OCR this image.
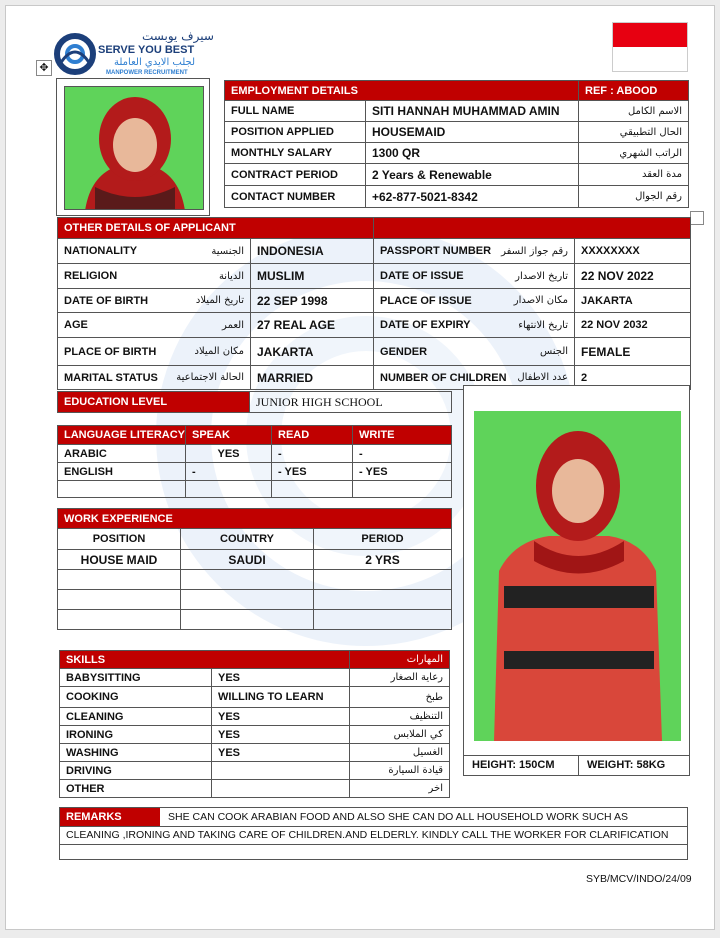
سيرف يوبست
SERVE YOU BEST
لجلب الايدي العاملة
MANPOWER RECRUITMENT
✥
EMPLOYMENT DETAILS		REF : ABOOD
FULL NAME	SITI HANNAH MUHAMMAD AMIN	الاسم الكامل
POSITION APPLIED	HOUSEMAID	الحال التطبيقي
MONTHLY SALARY	1300 QR	الراتب الشهري
CONTRACT PERIOD	2 Years & Renewable	مدة العقد
CONTACT NUMBER	+62-877-5021-8342	رقم الجوال
OTHER DETAILS OF APPLICANT			

NATIONALITY الجنسية	INDONESIA	PASSPORT NUMBER رقم جواز السفر	XXXXXXXX

RELIGION الديانة	MUSLIM	DATE OF ISSUE تاريخ الاصدار	22 NOV 2022

DATE OF BIRTH تاريخ الميلاد	22 SEP 1998	PLACE OF ISSUE مكان الاصدار	JAKARTA

AGE العمر	27 REAL AGE	DATE OF EXPIRY تاريخ الانتهاء	22 NOV 2032

PLACE OF BIRTH مكان الميلاد	JAKARTA	GENDER الجنس	FEMALE

MARITAL STATUS الحالة الاجتماعية	MARRIED	NUMBER OF CHILDREN عدد الاطفال	2
EDUCATION LEVEL	JUNIOR HIGH SCHOOL
HEIGHT: 150CM	WEIGHT: 58KG
LANGUAGE LITERACY	SPEAK	READ	WRITE
ARABIC	YES	-	-
ENGLISH	-	- YES	- YES

WORK EXPERIENCE		
POSITION	COUNTRY	PERIOD
HOUSE MAID	SAUDI	2 YRS

SKILLS		المهارات
BABYSITTING	YES	رعاية الصغار
COOKING	WILLING TO LEARN	طبخ
CLEANING	YES	التنظيف
IRONING	YES	كي الملابس
WASHING	YES	الغسيل
DRIVING		قيادة السيارة
OTHER		اخر
REMARKS	SHE CAN COOK ARABIAN FOOD AND ALSO SHE CAN DO ALL HOUSEHOLD WORK SUCH AS
CLEANING ,IRONING AND TAKING CARE OF CHILDREN.AND ELDERLY. KINDLY CALL THE WORKER FOR CLARIFICATION
SYB/MCV/INDO/24/09
